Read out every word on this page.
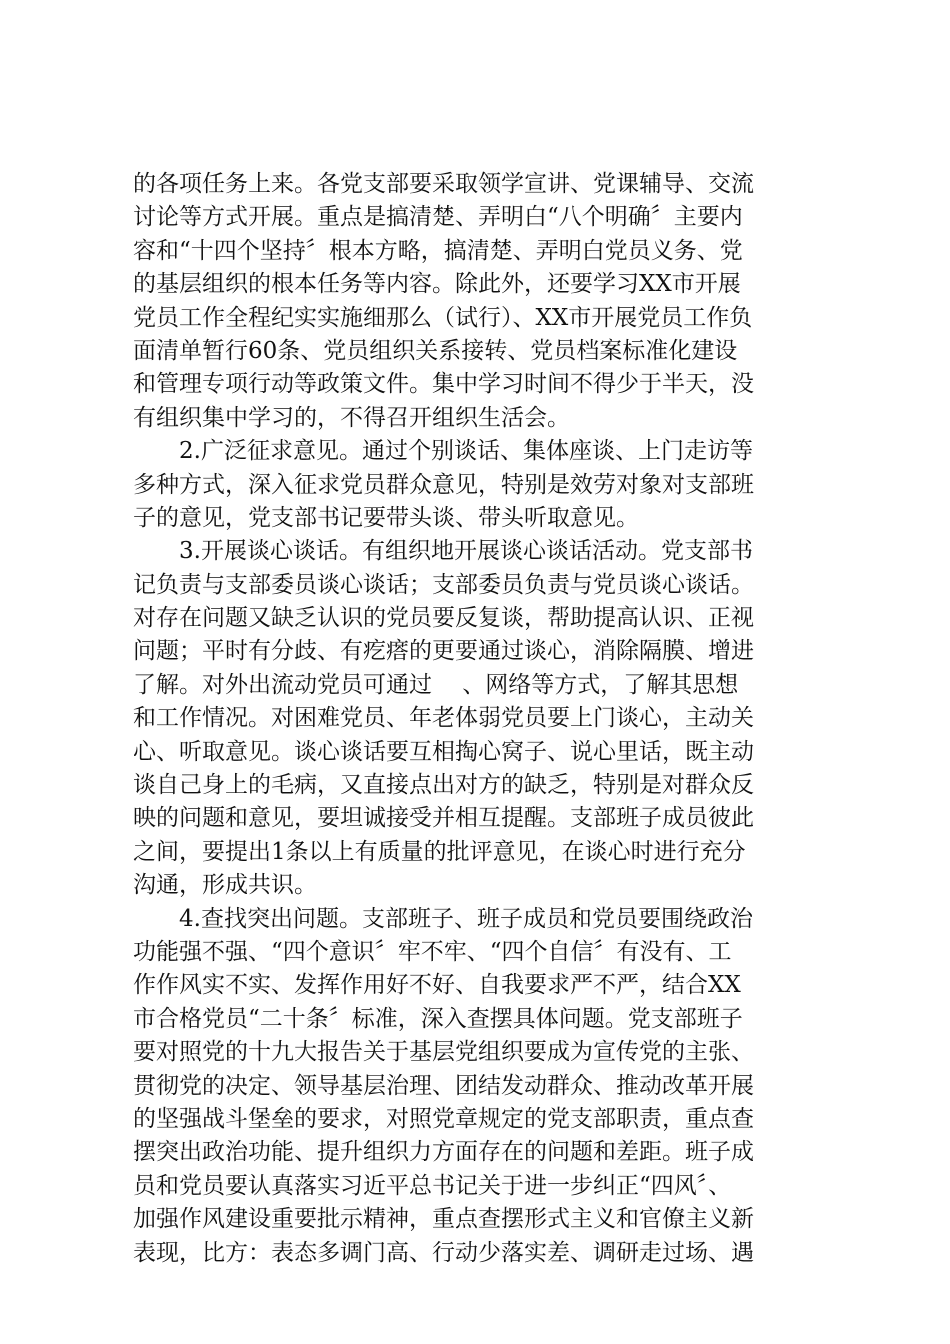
的各项任务上来。各党支部要采取领学宣讲、党课辅导、交流
讨论等方式开展。重点是搞清楚、弄明白“八个明确〞主要内
容和“十四个坚持〞根本方略，搞清楚、弄明白党员义务、党
的基层组织的根本任务等内容。除此外，还要学习XX市开展
党员工作全程纪实实施细那么（试行）、XX市开展党员工作负
面清单暂行60条、党员组织关系接转、党员档案标准化建设
和管理专项行动等政策文件。集中学习时间不得少于半天，没
有组织集中学习的，不得召开组织生活会。
　　2.广泛征求意见。通过个别谈话、集体座谈、上门走访等
多种方式，深入征求党员群众意见，特别是效劳对象对支部班
子的意见，党支部书记要带头谈、带头听取意见。
　　3.开展谈心谈话。有组织地开展谈心谈话活动。党支部书
记负责与支部委员谈心谈话；支部委员负责与党员谈心谈话。
对存在问题又缺乏认识的党员要反复谈，帮助提高认识、正视
问题；平时有分歧、有疙瘩的更要通过谈心，消除隔膜、增进
了解。对外出流动党员可通过　 、网络等方式，了解其思想
和工作情况。对困难党员、年老体弱党员要上门谈心，主动关
心、听取意见。谈心谈话要互相掏心窝子、说心里话，既主动
谈自己身上的毛病，又直接点出对方的缺乏，特别是对群众反
映的问题和意见，要坦诚接受并相互提醒。支部班子成员彼此
之间，要提出1条以上有质量的批评意见，在谈心时进行充分
沟通，形成共识。
　　4.查找突出问题。支部班子、班子成员和党员要围绕政治
功能强不强、“四个意识〞牢不牢、“四个自信〞有没有、工
作作风实不实、发挥作用好不好、自我要求严不严，结合XX
市合格党员“二十条〞标准，深入查摆具体问题。党支部班子
要对照党的十九大报告关于基层党组织要成为宣传党的主张、
贯彻党的决定、领导基层治理、团结发动群众、推动改革开展
的坚强战斗堡垒的要求，对照党章规定的党支部职责，重点查
摆突出政治功能、提升组织力方面存在的问题和差距。班子成
员和党员要认真落实习近平总书记关于进一步纠正“四风〞、
加强作风建设重要批示精神，重点查摆形式主义和官僚主义新
表现，比方：表态多调门高、行动少落实差、调研走过场、遇
